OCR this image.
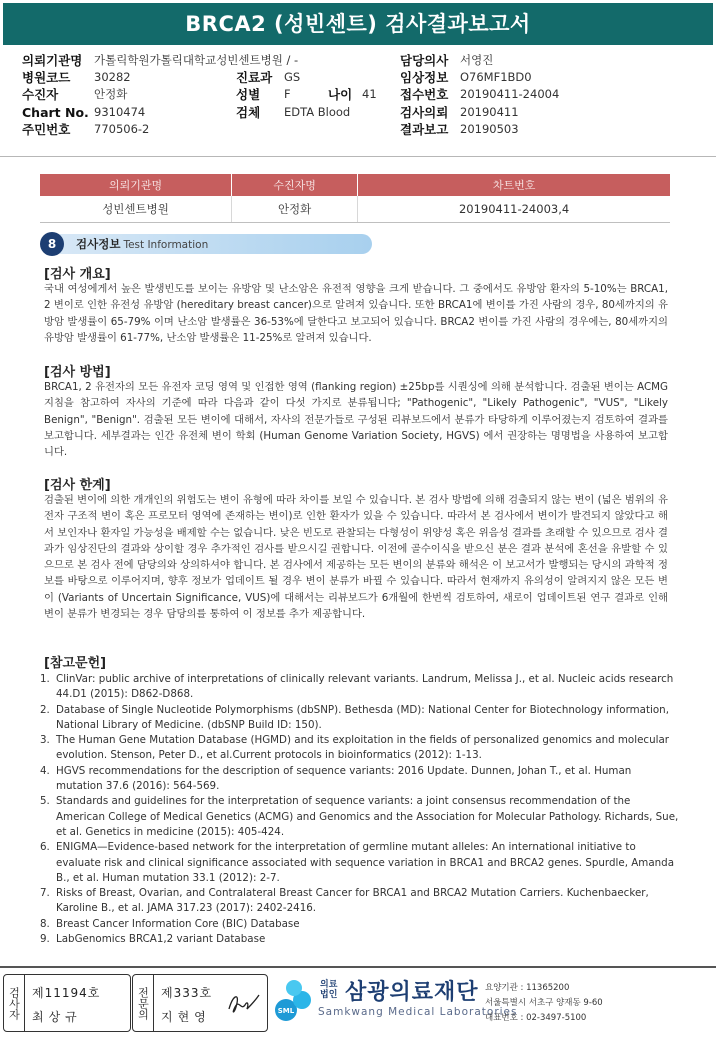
BRCA2 (성빈센트) 검사결과보고서
의뢰기관명 가톨릭학원가톨릭대학교성빈센트병원 / -	담당의사 서영진
병원코드 30282	진료과 GS	임상정보 O76MF1BD0
수진자	안정화	성별 F	나이 41 접수번호 20190411-24004
Chart No. 9310474	검체 EDTA Blood	검사의뢰 20190411
주민번호 770506-2	결과보고 20190503
의뢰기관명	수진자명	차트번호
성빈센트병원	안정화	20190411-24003,4
8	검사정보 Test Information
[검사 개요]
국내 여성에게서 높은 발생빈도를 보이는 유방암 및 난소암은 유전적 영향을 크게 받습니다. 그 중에서도 유방암 환자의 5-10%는 BRCA1, 2 변이로 인한 유전성 유방암 (hereditary breast cancer)으로 알려져 있습니다. 또한 BRCA1에 변이를 가진 사람의 경우, 80세까지의 유방암 발생률이 65-79% 이며 난소암 발생률은 36-53%에 달한다고 보고되어 있습니다. BRCA2 변이를 가진 사람의 경우에는, 80세까지의 유방암 발생률이 61-77%, 난소암 발생률은 11-25%로 알려져 있습니다.
[검사 방법]
BRCA1, 2 유전자의 모든 유전자 코딩 영역 및 인접한 영역 (flanking region) ±25bp를 시퀀싱에 의해 분석합니다. 검출된 변이는 ACMG 지침을 참고하여 자사의 기준에 따라 다음과 같이 다섯 가지로 분류됩니다; "Pathogenic", "Likely Pathogenic", "VUS", "Likely Benign", "Benign". 검출된 모든 변이에 대해서, 자사의 전문가들로 구성된 리뷰보드에서 분류가 타당하게 이루어졌는지 검토하여 결과를 보고합니다. 세부결과는 인간 유전체 변이 학회 (Human Genome Variation Society, HGVS) 에서 권장하는 명명법을 사용하여 보고합니다.
[검사 한계]
검출된 변이에 의한 개개인의 위험도는 변이 유형에 따라 차이를 보일 수 있습니다. 본 검사 방법에 의해 검출되지 않는 변이 (넓은 범위의 유전자 구조적 변이 혹은 프로모터 영역에 존재하는 변이)로 인한 환자가 있을 수 있습니다. 따라서 본 검사에서 변이가 발견되지 않았다고 해서 보인자나 환자일 가능성을 배제할 수는 없습니다. 낮은 빈도로 관찰되는 다형성이 위양성 혹은 위음성 결과를 초래할 수 있으므로 검사 결과가 임상진단의 결과와 상이할 경우 추가적인 검사를 받으시길 권합니다. 이전에 골수이식을 받으신 분은 결과 분석에 혼선을 유발할 수 있으므로 본 검사 전에 담당의와 상의하셔야 합니다. 본 검사에서 제공하는 모든 변이의 분류와 해석은 이 보고서가 발행되는 당시의 과학적 정보를 바탕으로 이루어지며, 향후 정보가 업데이트 될 경우 변이 분류가 바뀔 수 있습니다. 따라서 현재까지 유의성이 알려지지 않은 모든 변이 (Variants of Uncertain Significance, VUS)에 대해서는 리뷰보드가 6개월에 한번씩 검토하여, 새로이 업데이트된 연구 결과로 인해 변이 분류가 변경되는 경우 담당의를 통하여 이 정보를 추가 제공합니다.
[참고문헌]
1. ClinVar: public archive of interpretations of clinically relevant variants. Landrum, Melissa J., et al. Nucleic acids research 44.D1 (2015): D862-D868.
2. Database of Single Nucleotide Polymorphisms (dbSNP). Bethesda (MD): National Center for Biotechnology information, National Library of Medicine. (dbSNP Build ID: 150).
3. The Human Gene Mutation Database (HGMD) and its exploitation in the fields of personalized genomics and molecular evolution. Stenson, Peter D., et al.Current protocols in bioinformatics (2012): 1-13.
4. HGVS recommendations for the description of sequence variants: 2016 Update. Dunnen, Johan T., et al. Human mutation 37.6 (2016): 564-569.
5. Standards and guidelines for the interpretation of sequence variants: a joint consensus recommendation of the American College of Medical Genetics (ACMG) and Genomics and the Association for Molecular Pathology. Richards, Sue, et al. Genetics in medicine (2015): 405-424.
6. ENIGMA—Evidence-based network for the interpretation of germline mutant alleles: An international initiative to evaluate risk and clinical significance associated with sequence variation in BRCA1 and BRCA2 genes. Spurdle, Amanda B., et al. Human mutation 33.1 (2012): 2-7.
7. Risks of Breast, Ovarian, and Contralateral Breast Cancer for BRCA1 and BRCA2 Mutation Carriers. Kuchenbaecker, Karoline B., et al. JAMA 317.23 (2017): 2402-2416.
8. Breast Cancer Information Core (BIC) Database
9. LabGenomics BRCA1,2 variant Database
검사자 제11194호
최상규	전문의 제333호
지현영	SML
의료법인 삼광의료재단
Samkwang Medical Laboratories
요양기관 : 11365200
서울특별시 서초구 양재동 9-60
대표번호 : 02-3497-5100
